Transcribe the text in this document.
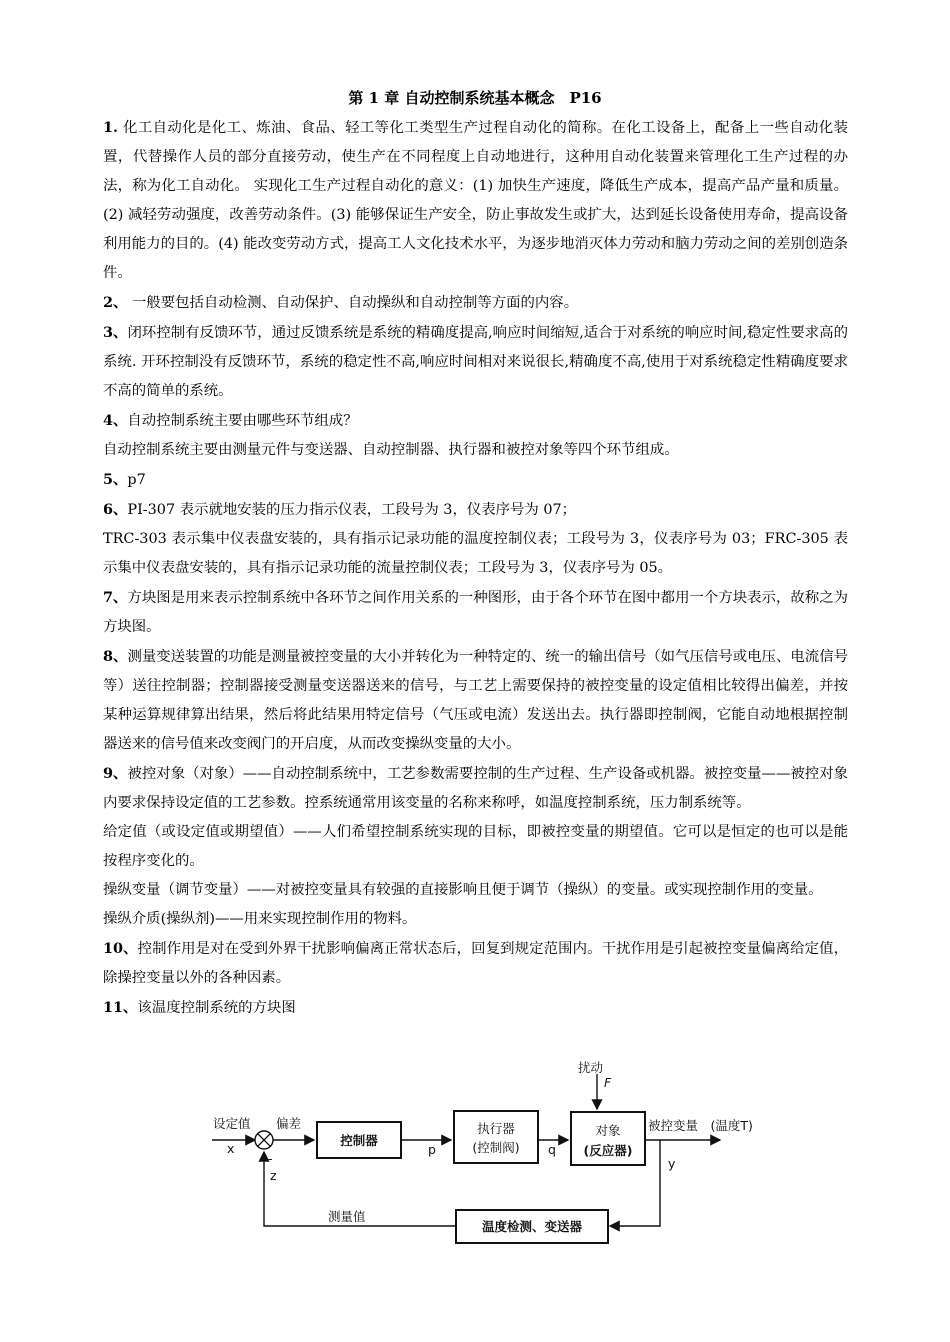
第 1 章 自动控制系统基本概念　P16

1. 化工自动化是化工、炼油、食品、轻工等化工类型生产过程自动化的简称。在化工设备上，配备上一些自动化装置，代替操作人员的部分直接劳动，使生产在不同程度上自动地进行，这种用自动化装置来管理化工生产过程的办法，称为化工自动化。 实现化工生产过程自动化的意义：(1) 加快生产速度，降低生产成本，提高产品产量和质量。(2) 减轻劳动强度，改善劳动条件。(3) 能够保证生产安全，防止事故发生或扩大，达到延长设备使用寿命，提高设备利用能力的目的。(4) 能改变劳动方式，提高工人文化技术水平，为逐步地消灭体力劳动和脑力劳动之间的差别创造条件。

2、 一般要包括自动检测、自动保护、自动操纵和自动控制等方面的内容。

3、闭环控制有反馈环节，通过反馈系统是系统的精确度提高,响应时间缩短,适合于对系统的响应时间,稳定性要求高的系统. 开环控制没有反馈环节，系统的稳定性不高,响应时间相对来说很长,精确度不高,使用于对系统稳定性精确度要求不高的简单的系统。

4、自动控制系统主要由哪些环节组成？

自动控制系统主要由测量元件与变送器、自动控制器、执行器和被控对象等四个环节组成。

5、p7

6、PI-307 表示就地安装的压力指示仪表，工段号为 3，仪表序号为 07；

TRC-303 表示集中仪表盘安装的，具有指示记录功能的温度控制仪表；工段号为 3，仪表序号为 03；FRC-305 表示集中仪表盘安装的，具有指示记录功能的流量控制仪表；工段号为 3，仪表序号为 05。

7、方块图是用来表示控制系统中各环节之间作用关系的一种图形，由于各个环节在图中都用一个方块表示，故称之为方块图。

8、测量变送装置的功能是测量被控变量的大小并转化为一种特定的、统一的输出信号（如气压信号或电压、电流信号等）送往控制器；控制器接受测量变送器送来的信号，与工艺上需要保持的被控变量的设定值相比较得出偏差，并按某种运算规律算出结果，然后将此结果用特定信号（气压或电流）发送出去。执行器即控制阀，它能自动地根据控制器送来的信号值来改变阀门的开启度，从而改变操纵变量的大小。

9、被控对象（对象）——自动控制系统中，工艺参数需要控制的生产过程、生产设备或机器。被控变量——被控对象内要求保持设定值的工艺参数。控系统通常用该变量的名称来称呼，如温度控制系统，压力制系统等。

给定值（或设定值或期望值）——人们希望控制系统实现的目标，即被控变量的期望值。它可以是恒定的也可以是能按程序变化的。

操纵变量（调节变量）——对被控变量具有较强的直接影响且便于调节（操纵）的变量。或实现控制作用的变量。

操纵介质(操纵剂)——用来实现控制作用的物料。

10、控制作用是对在受到外界干扰影响偏离正常状态后，回复到规定范围内。干扰作用是引起被控变量偏离给定值，除操控变量以外的各种因素。

11、该温度控制系统的方块图

扰动
F
设定值 偏差
x
-
z
控制器
p
执行器
(控制阀) q
对象
(反应器)
被控变量　(温度T)
y
温度检测、变送器
测量值
